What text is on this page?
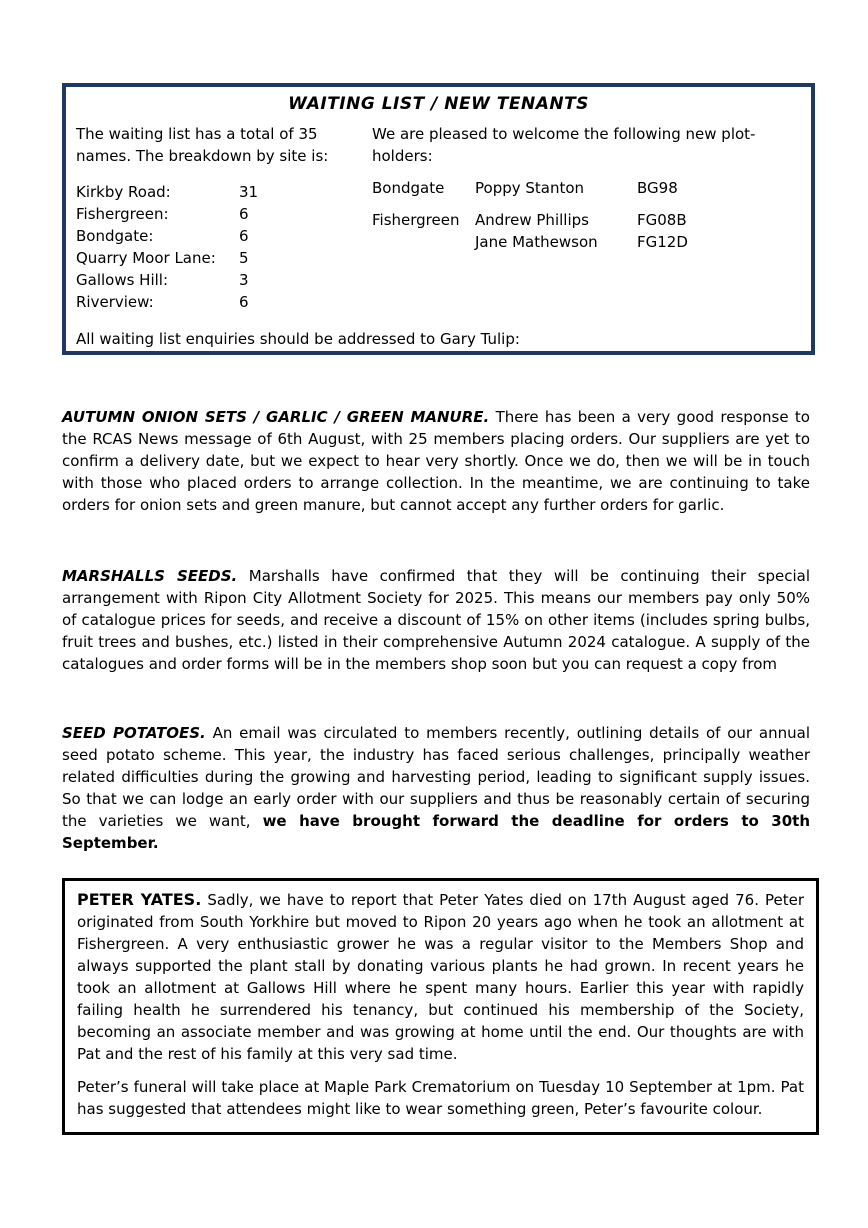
WAITING LIST / NEW TENANTS
The waiting list has a total of 35 names. The breakdown by site is:
Kirkby Road:	31
Fishergreen:	6
Bondgate:	6
Quarry Moor Lane:	5
Gallows Hill:	3
Riverview:	6
We are pleased to welcome the following new plot-holders:
Bondgate	Poppy Stanton	BG98
Fishergreen	Andrew Phillips	FG08B
Jane Mathewson	FG12D
All waiting list enquiries should be addressed to Gary Tulip:

AUTUMN ONION SETS / GARLIC / GREEN MANURE. There has been a very good response to the RCAS News message of 6th August, with 25 members placing orders. Our suppliers are yet to confirm a delivery date, but we expect to hear very shortly. Once we do, then we will be in touch with those who placed orders to arrange collection. In the meantime, we are continuing to take orders for onion sets and green manure, but cannot accept any further orders for garlic.

MARSHALLS SEEDS. Marshalls have confirmed that they will be continuing their special arrangement with Ripon City Allotment Society for 2025. This means our members pay only 50% of catalogue prices for seeds, and receive a discount of 15% on other items (includes spring bulbs, fruit trees and bushes, etc.) listed in their comprehensive Autumn 2024 catalogue. A supply of the catalogues and order forms will be in the members shop soon but you can request a copy from

SEED POTATOES. An email was circulated to members recently, outlining details of our annual seed potato scheme. This year, the industry has faced serious challenges, principally weather related difficulties during the growing and harvesting period, leading to significant supply issues. So that we can lodge an early order with our suppliers and thus be reasonably certain of securing the varieties we want, we have brought forward the deadline for orders to 30th September.

PETER YATES. Sadly, we have to report that Peter Yates died on 17th August aged 76. Peter originated from South Yorkhire but moved to Ripon 20 years ago when he took an allotment at Fishergreen. A very enthusiastic grower he was a regular visitor to the Members Shop and always supported the plant stall by donating various plants he had grown. In recent years he took an allotment at Gallows Hill where he spent many hours. Earlier this year with rapidly failing health he surrendered his tenancy, but continued his membership of the Society, becoming an associate member and was growing at home until the end. Our thoughts are with Pat and the rest of his family at this very sad time.

Peter’s funeral will take place at Maple Park Crematorium on Tuesday 10 September at 1pm. Pat has suggested that attendees might like to wear something green, Peter’s favourite colour.
